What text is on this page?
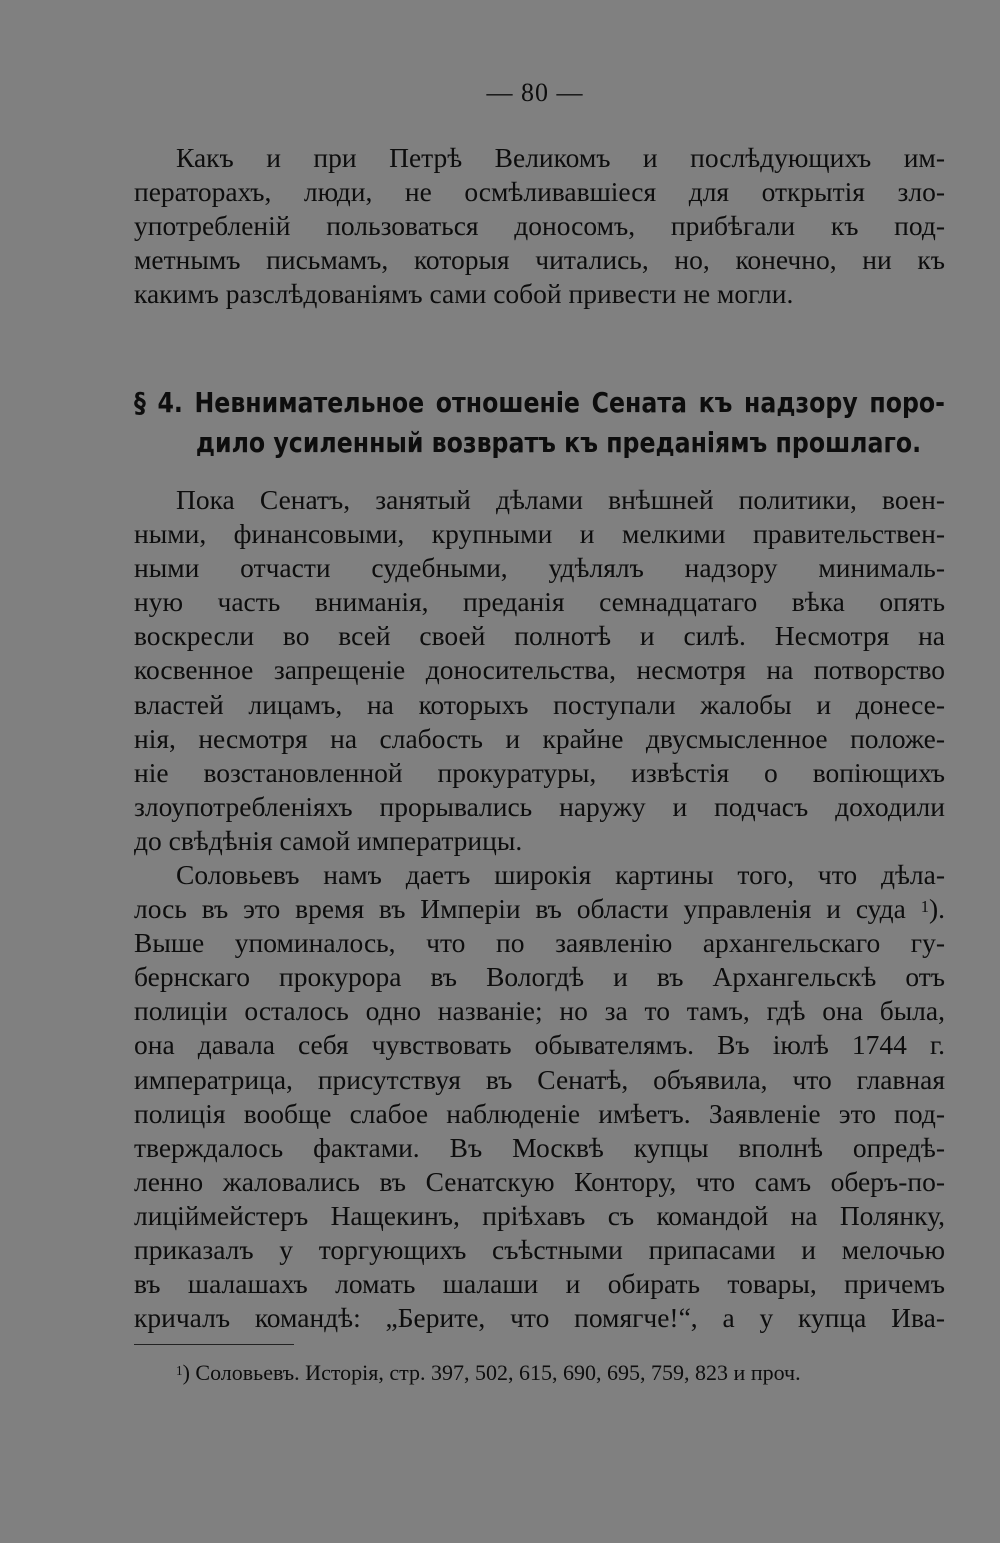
— 80 —
Какъ и при Петрѣ Великомъ и послѣдующихъ им-
ператорахъ, люди, не осмѣливавшіеся для открытія зло-
употребленій пользоваться доносомъ, прибѣгали къ под-
метнымъ письмамъ, которыя читались, но, конечно, ни къ
какимъ разслѣдованіямъ сами собой привести не могли.
§ 4. Невнимательное отношеніе Сената къ надзору поро-
дило усиленный возвратъ къ преданіямъ прошлаго.
Пока Сенатъ, занятый дѣлами внѣшней политики, воен-
ными, финансовыми, крупными и мелкими правительствен-
ными отчасти судебными, удѣлялъ надзору минималь-
ную часть вниманія, преданія семнадцатаго вѣка опять
воскресли во всей своей полнотѣ и силѣ. Несмотря на
косвенное запрещеніе доносительства, несмотря на потворство
властей лицамъ, на которыхъ поступали жалобы и донесе-
нія, несмотря на слабость и крайне двусмысленное положе-
ніе возстановленной прокуратуры, извѣстія о вопіющихъ
злоупотребленіяхъ прорывались наружу и подчасъ доходили
до свѣдѣнія самой императрицы.
Соловьевъ намъ даетъ широкія картины того, что дѣла-
лось въ это время въ Имперіи въ области управленія и суда $^1$).
Выше упоминалось, что по заявленію архангельскаго гу-
бернскаго прокурора въ Вологдѣ и въ Архангельскѣ отъ
полиціи осталось одно названіе; но за то тамъ, гдѣ она была,
она давала себя чувствовать обывателямъ. Въ іюлѣ 1744 г.
императрица, присутствуя въ Сенатѣ, объявила, что главная
полиція вообще слабое наблюденіе имѣетъ. Заявленіе это под-
тверждалось фактами. Въ Москвѣ купцы вполнѣ опредѣ-
ленно жаловались въ Сенатскую Контору, что самъ оберъ-по-
лиціймейстеръ Нащекинъ, пріѣхавъ съ командой на Полянку,
приказалъ у торгующихъ съѣстными припасами и мелочью
въ шалашахъ ломать шалаши и обирать товары, причемъ
кричалъ командѣ: „Берите, что помягче!“, а у купца Ива-
$^1$) Соловьевъ. Исторія, стр. 397, 502, 615, 690, 695, 759, 823 и проч.
